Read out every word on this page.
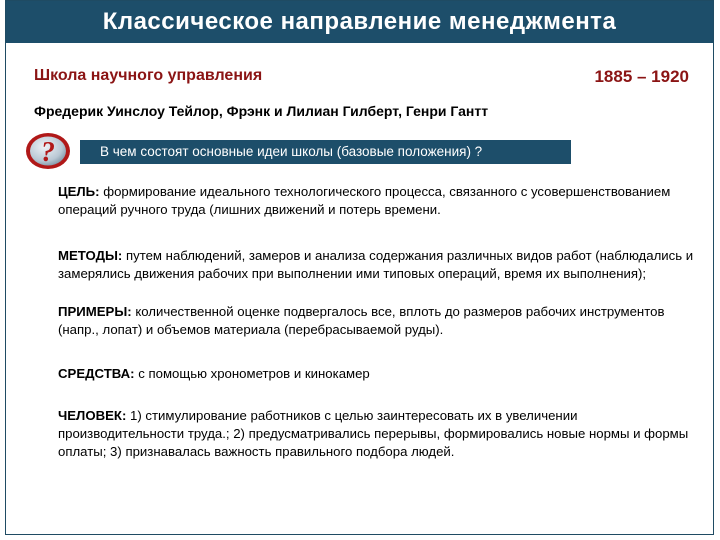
Классическое направление менеджмента
Школа научного управления	1885 – 1920
Фредерик Уинслоу Тейлор, Фрэнк и Лилиан Гилберт, Генри Гантт
?	В чем состоят основные идеи школы (базовые положения) ?

ЦЕЛЬ: формирование идеального технологического процесса, связанного с усовершенствованием операций ручного труда (лишних движений и потерь времени.

МЕТОДЫ: путем наблюдений, замеров и анализа содержания различных видов работ (наблюдались и замерялись движения рабочих при выполнении ими типовых операций, время их выполнения);

ПРИМЕРЫ: количественной оценке подвергалось все, вплоть до размеров рабочих инструментов (напр., лопат) и объемов материала (перебрасываемой руды).

СРЕДСТВА: с помощью хронометров и кинокамер

ЧЕЛОВЕК: 1) стимулирование работников с целью заинтересовать их в увеличении производительности труда.; 2) предусматривались перерывы, формировались новые нормы и формы оплаты; 3) признавалась важность правильного подбора людей.
